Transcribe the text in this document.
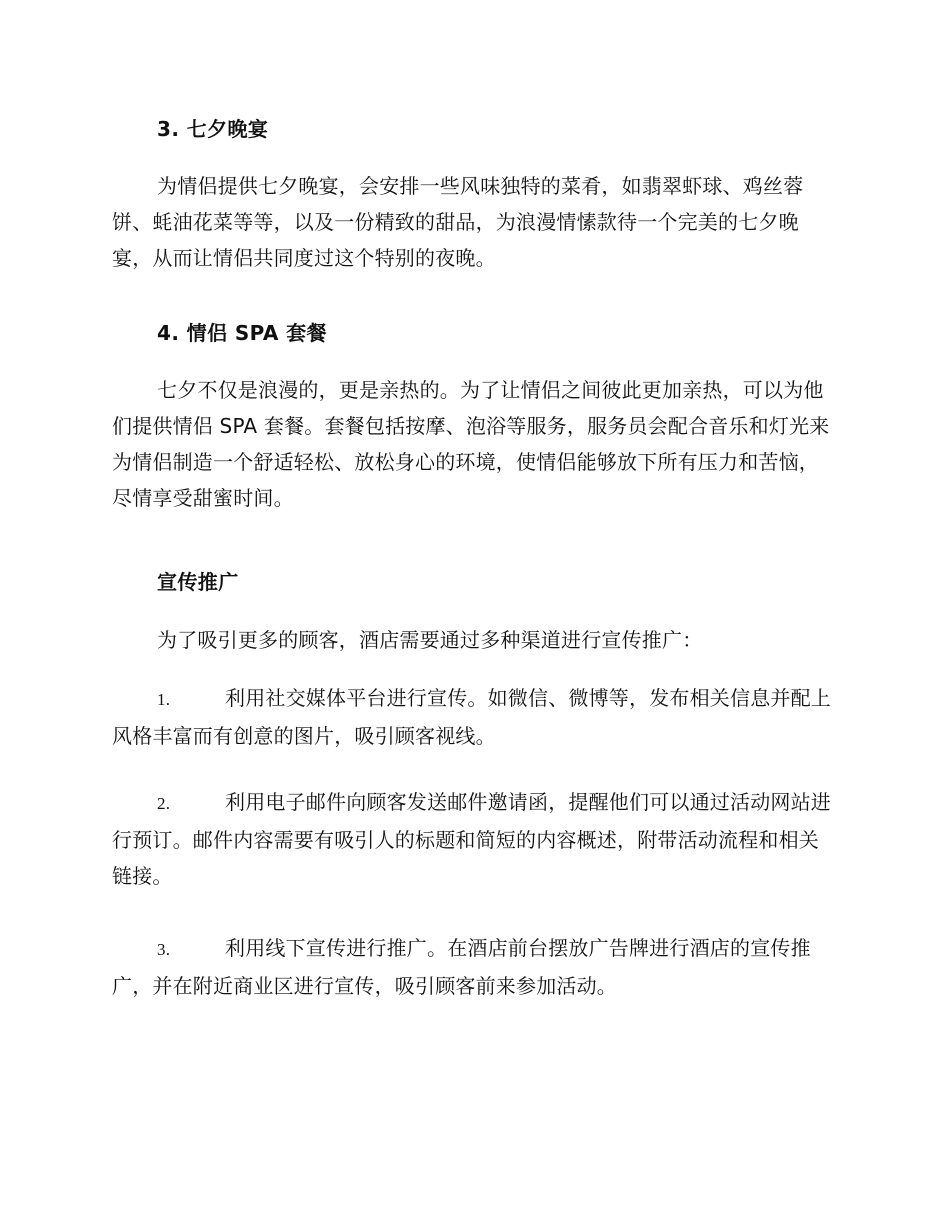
3. 七夕晚宴
为情侣提供七夕晚宴，会安排一些风味独特的菜肴，如翡翠虾球、鸡丝蓉饼、蚝油花菜等等，以及一份精致的甜品，为浪漫情愫款待一个完美的七夕晚宴，从而让情侣共同度过这个特别的夜晚。
4. 情侣 SPA 套餐
七夕不仅是浪漫的，更是亲热的。为了让情侣之间彼此更加亲热，可以为他们提供情侣 SPA 套餐。套餐包括按摩、泡浴等服务，服务员会配合音乐和灯光来为情侣制造一个舒适轻松、放松身心的环境，使情侣能够放下所有压力和苦恼，尽情享受甜蜜时间。
宣传推广
为了吸引更多的顾客，酒店需要通过多种渠道进行宣传推广：
1.	利用社交媒体平台进行宣传。如微信、微博等，发布相关信息并配上风格丰富而有创意的图片，吸引顾客视线。
2.	利用电子邮件向顾客发送邮件邀请函，提醒他们可以通过活动网站进行预订。邮件内容需要有吸引人的标题和简短的内容概述，附带活动流程和相关链接。
3.	利用线下宣传进行推广。在酒店前台摆放广告牌进行酒店的宣传推广，并在附近商业区进行宣传，吸引顾客前来参加活动。
